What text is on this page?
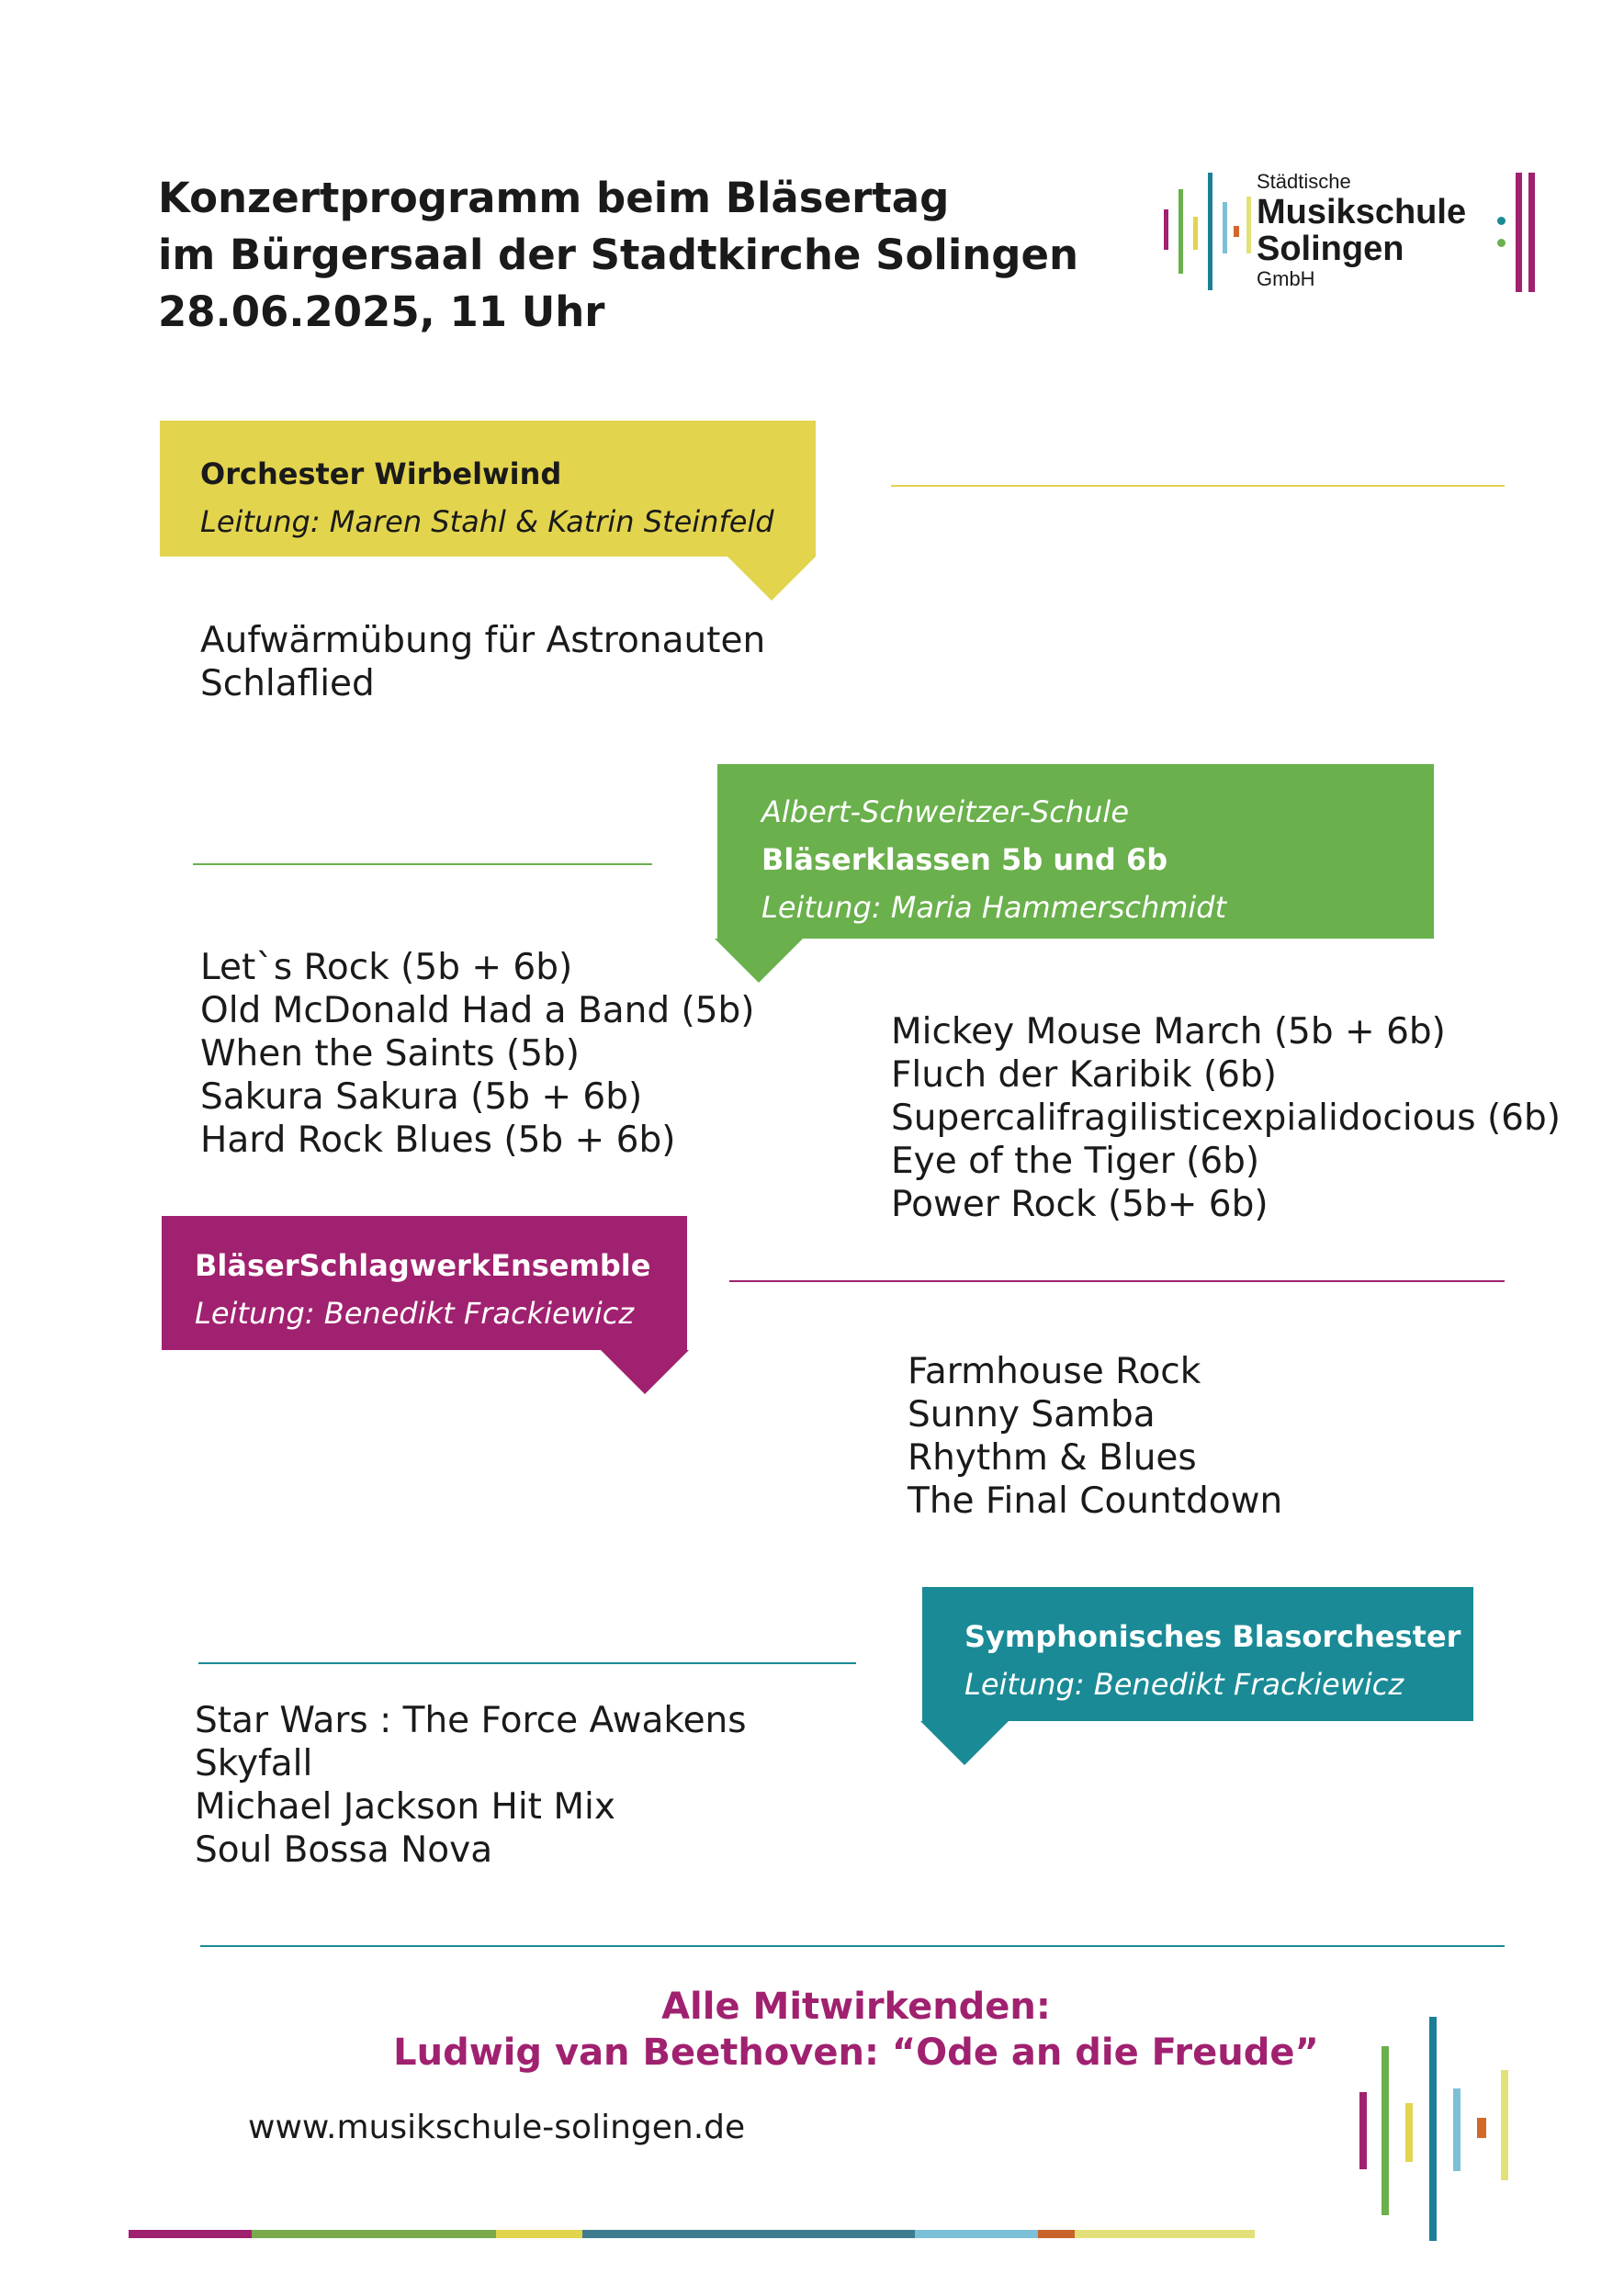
Konzertprogramm beim Bläsertag
im Bürgersaal der Stadtkirche Solingen
28.06.2025, 11 Uhr
Städtische
Musikschule
Solingen
GmbH
Orchester Wirbelwind
Leitung: Maren Stahl & Katrin Steinfeld
Aufwärmübung für Astronauten
Schlaflied
Albert-Schweitzer-Schule
Bläserklassen 5b und 6b
Leitung: Maria Hammerschmidt
Let`s Rock (5b + 6b)
Old McDonald Had a Band (5b)
When the Saints (5b)
Sakura Sakura (5b + 6b)
Hard Rock Blues (5b + 6b)
Mickey Mouse March (5b + 6b)
Fluch der Karibik (6b)
Supercalifragilisticexpialidocious (6b)
Eye of the Tiger (6b)
Power Rock (5b+ 6b)
BläserSchlagwerkEnsemble
Leitung: Benedikt Frackiewicz
Farmhouse Rock
Sunny Samba
Rhythm & Blues
The Final Countdown
Symphonisches Blasorchester
Leitung: Benedikt Frackiewicz
Star Wars : The Force Awakens
Skyfall
Michael Jackson Hit Mix
Soul Bossa Nova
Alle Mitwirkenden:
Ludwig van Beethoven: “Ode an die Freude”
www.musikschule-solingen.de
